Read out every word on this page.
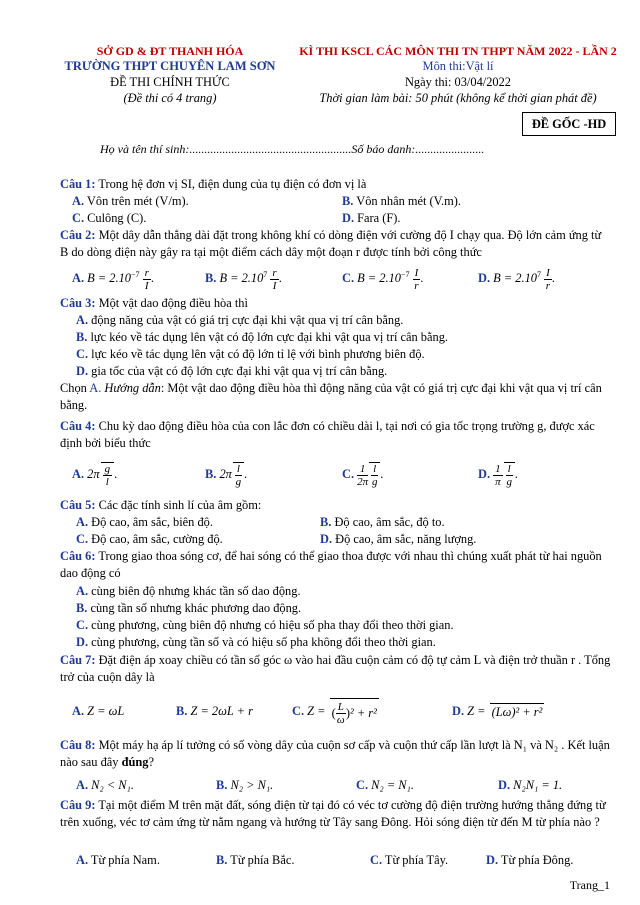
SỞ GD & ĐT THANH HÓA
TRƯỜNG THPT CHUYÊN LAM SƠN
ĐỀ THI CHÍNH THỨC
(Đề thi có 4 trang)
KÌ THI KSCL CÁC MÔN THI TN THPT NĂM 2022 - LẦN 2
Môn thi:Vật lí
Ngày thi: 03/04/2022
Thời gian làm bài: 50 phút (không kể thời gian phát đề)
ĐỀ GỐC -HD
Họ và tên thí sinh:......................................................Số báo danh:.......................
Câu 1: Trong hệ đơn vị SI, điện dung của tụ điện có đơn vị là
A. Vôn trên mét (V/m).	B. Vôn nhân mét (V.m).
C. Culông (C).	D. Fara (F).
Câu 2: Một dây dẫn thẳng dài đặt trong không khí có dòng điện với cường độ I chạy qua. Độ lớn cảm ứng từ B do dòng điện này gây ra tại một điểm cách dây một đoạn r được tính bởi công thức
A. $B = 2.10^{-7} \frac{r}{I}$ .	B. $B = 2.10^7 \frac{r}{I}$ .	C. $B = 2.10^{-7} \frac{I}{r}$ .	D. $B = 2.10^7 \frac{I}{r}$ .
Câu 3: Một vật dao động điều hòa thì
A. động năng của vật có giá trị cực đại khi vật qua vị trí cân bằng.
B. lực kéo về tác dụng lên vật có độ lớn cực đại khi vật qua vị trí cân bằng.
C. lực kéo về tác dụng lên vật có độ lớn tỉ lệ với bình phương biên độ.
D. gia tốc của vật có độ lớn cực đại khi vật qua vị trí cân bằng.
Chọn A. Hướng dẫn: Một vật dao động điều hòa thì động năng của vật có giá trị cực đại khi vật qua vị trí cân bằng.
Câu 4: Chu kỳ dao động điều hòa của con lắc đơn có chiều dài l, tại nơi có gia tốc trọng trường g, được xác định bởi biểu thức
A. $2\pi \frac{g}{l}$ .	B. $2\pi \frac{l}{g}$ .	C. $\frac{1}{2\pi} \frac{l}{g}$ .	D. $\frac{1}{\pi} \frac{l}{g}$ .
Câu 5: Các đặc tính sinh lí của âm gồm:
A. Độ cao, âm sắc, biên độ.	B. Độ cao, âm sắc, độ to.
C. Độ cao, âm sắc, cường độ.	D. Độ cao, âm sắc, năng lượng.
Câu 6: Trong giao thoa sóng cơ, để hai sóng có thể giao thoa được với nhau thì chúng xuất phát từ hai nguồn dao động có
A. cùng biên độ nhưng khác tần số dao động.
B. cùng tần số nhưng khác phương dao động.
C. cùng phương, cùng biên độ nhưng có hiệu số pha thay đổi theo thời gian.
D. cùng phương, cùng tần số và có hiệu số pha không đổi theo thời gian.
Câu 7: Đặt điện áp xoay chiều có tần số góc ω vào hai đầu cuộn cảm có độ tự cảm L và điện trở thuần r . Tổng trở của cuộn dây là
A. Z = ωL	B. Z = 2ωL + r	C. Z = ( $\frac{L}{\omega} )^2 + r^2$	D. Z = (Lω)² + r²
Câu 8: Một máy hạ áp lí tưởng có số vòng dây của cuộn sơ cấp và cuộn thứ cấp lần lượt là N₁ và N₂ . Kết luận nào sau đây đúng?
A. N₂ < N₁.	B. N₂ > N₁.	C. N₂ = N₁.	D. N₂N₁ = 1.
Câu 9: Tại một điểm M trên mặt đất, sóng điện từ tại đó có véc tơ cường độ điện trường hướng thẳng đứng từ trên xuống, véc tơ cảm ứng từ nằm ngang và hướng từ Tây sang Đông. Hỏi sóng điện từ đến M từ phía nào ?
A. Từ phía Nam.	B. Từ phía Bắc.	C. Từ phía Tây.	D. Từ phía Đông.
Trang_1
